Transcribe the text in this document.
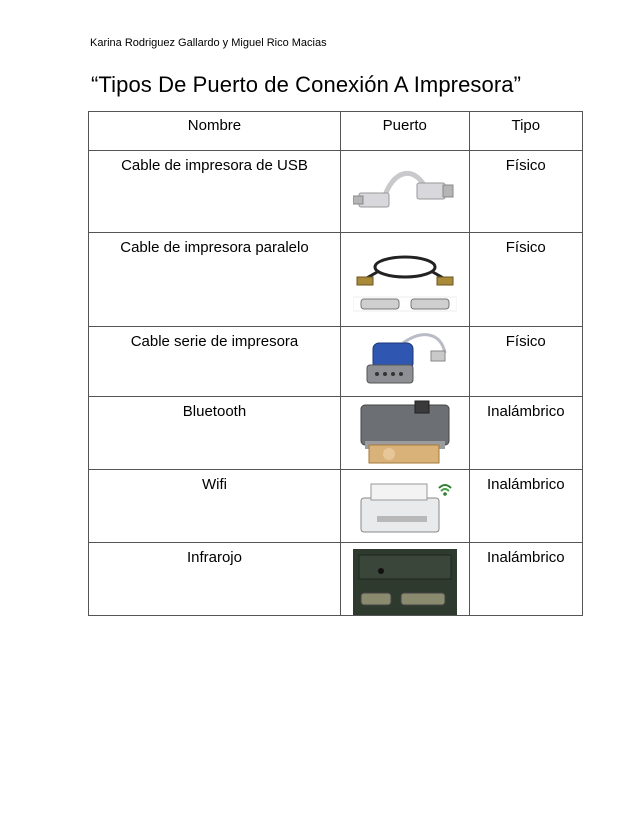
Karina Rodriguez Gallardo y Miguel Rico Macias
“Tipos De Puerto de Conexión A Impresora”
Nombre	Puerto	Tipo

Cable de impresora de USB		Físico

Cable de impresora paralelo		Físico

Cable serie de impresora		Físico

Bluetooth		Inalámbrico

Wifi		Inalámbrico

Infrarojo		Inalámbrico
